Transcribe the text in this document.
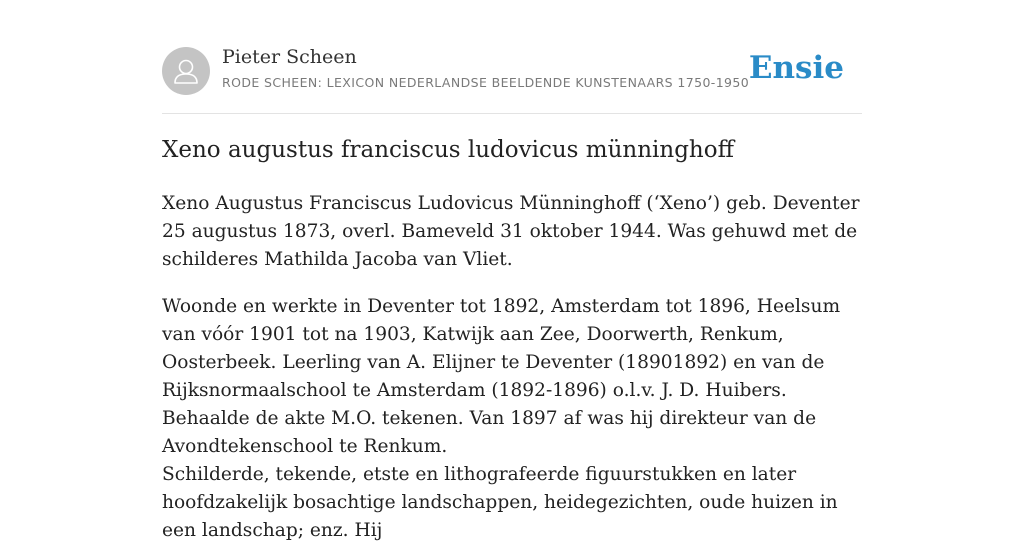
Pieter Scheen
RODE SCHEEN: LEXICON NEDERLANDSE BEELDENDE KUNSTENAARS 1750-1950 Ensie
Xeno augustus franciscus ludovicus münninghoff

Xeno Augustus Franciscus Ludovicus Münninghoff (‘Xeno’) geb. Deventer 25 augustus 1873, overl. Bameveld 31 oktober 1944. Was gehuwd met de schilderes Mathilda Jacoba van Vliet.

Woonde en werkte in Deventer tot 1892, Amsterdam tot 1896, Heelsum van vóór 1901 tot na 1903, Katwijk aan Zee, Doorwerth, Renkum, Oosterbeek. Leerling van A. Elijner te Deventer (18901892) en van de Rijksnormaalschool te Amsterdam (1892-1896) o.l.v. J. D. Huibers. Behaalde de akte M.O. tekenen. Van 1897 af was hij direkteur van de Avondtekenschool te Renkum.

Schilderde, tekende, etste en lithografeerde figuurstukken en later hoofdzakelijk bosachtige landschappen, heidegezichten, oude huizen in een landschap; enz. Hij
